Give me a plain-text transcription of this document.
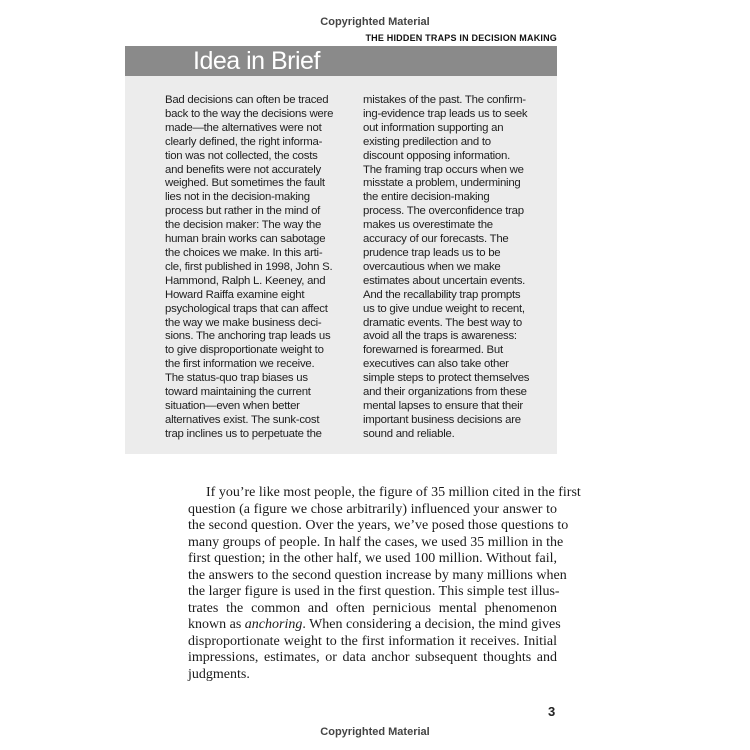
Copyrighted Material
THE HIDDEN TRAPS IN DECISION MAKING
Idea in Brief
Bad decisions can often be traced
back to the way the decisions were
made—the alternatives were not
clearly defined, the right informa-
tion was not collected, the costs
and benefits were not accurately
weighed. But sometimes the fault
lies not in the decision-making
process but rather in the mind of
the decision maker: The way the
human brain works can sabotage
the choices we make. In this arti-
cle, first published in 1998, John S.
Hammond, Ralph L. Keeney, and
Howard Raiffa examine eight
psychological traps that can affect
the way we make business deci-
sions. The anchoring trap leads us
to give disproportionate weight to
the first information we receive.
The status-quo trap biases us
toward maintaining the current
situation—even when better
alternatives exist. The sunk-cost
trap inclines us to perpetuate the
mistakes of the past. The confirm-
ing-evidence trap leads us to seek
out information supporting an
existing predilection and to
discount opposing information.
The framing trap occurs when we
misstate a problem, undermining
the entire decision-making
process. The overconfidence trap
makes us overestimate the
accuracy of our forecasts. The
prudence trap leads us to be
overcautious when we make
estimates about uncertain events.
And the recallability trap prompts
us to give undue weight to recent,
dramatic events. The best way to
avoid all the traps is awareness:
forewarned is forearmed. But
executives can also take other
simple steps to protect themselves
and their organizations from these
mental lapses to ensure that their
important business decisions are
sound and reliable.
If you’re like most people, the figure of 35 million cited in the first
question (a figure we chose arbitrarily) influenced your answer to
the second question. Over the years, we’ve posed those questions to
many groups of people. In half the cases, we used 35 million in the
first question; in the other half, we used 100 million. Without fail,
the answers to the second question increase by many millions when
the larger figure is used in the first question. This simple test illus-
trates the common and often pernicious mental phenomenon
known as anchoring. When considering a decision, the mind gives
disproportionate weight to the first information it receives. Initial
impressions, estimates, or data anchor subsequent thoughts and
judgments.
3
Copyrighted Material
